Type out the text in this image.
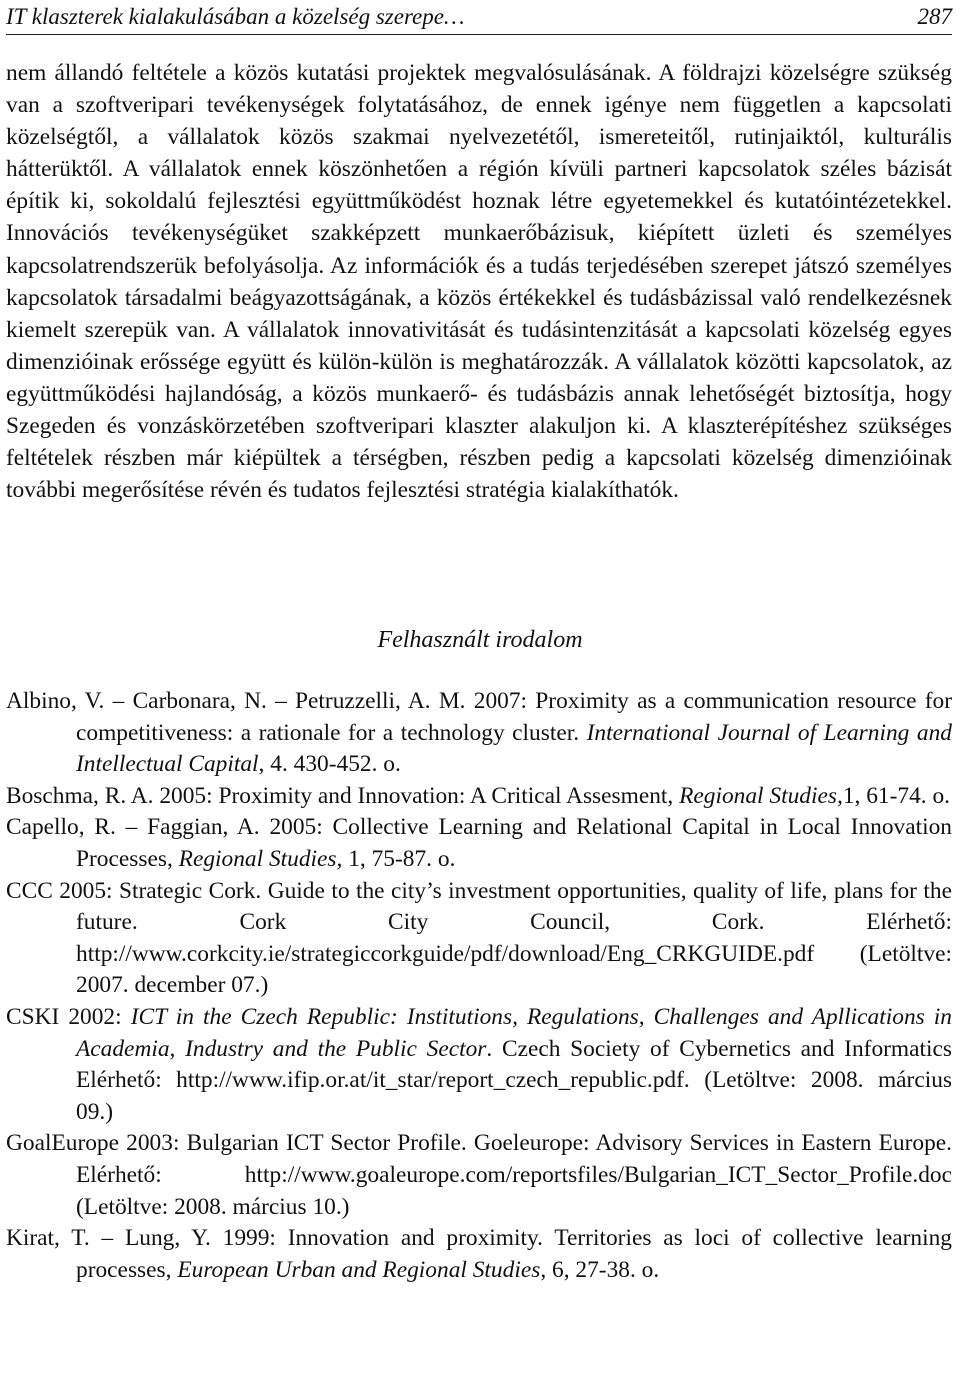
IT klaszterek kialakulásában a közelség szerepe…	287

nem állandó feltétele a közös kutatási projektek megvalósulásának. A földrajzi közelségre szükség van a szoftveripari tevékenységek folytatásához, de ennek igénye nem független a kapcsolati közelségtől, a vállalatok közös szakmai nyelvezetétől, ismereteitől, rutinjaiktól, kulturális hátterüktől. A vállalatok ennek köszönhetően a régión kívüli partneri kapcsolatok széles bázisát építik ki, sokoldalú fejlesztési együttműködést hoznak létre egyetemekkel és kutatóintézetekkel. Innovációs tevékenységüket szakképzett munkaerőbázisuk, kiépített üzleti és személyes kapcsolatrendszerük befolyásolja. Az információk és a tudás terjedésében szerepet játszó személyes kapcsolatok társadalmi beágyazottságának, a közös értékekkel és tudásbázissal való rendelkezésnek kiemelt szerepük van. A vállalatok innovativitását és tudásintenzitását a kapcsolati közelség egyes dimenzióinak erőssége együtt és külön-külön is meghatározzák. A vállalatok közötti kapcsolatok, az együttműködési hajlandóság, a közös munkaerő- és tudásbázis annak lehetőségét biztosítja, hogy Szegeden és vonzáskörzetében szoftveripari klaszter alakuljon ki. A klaszterépítéshez szükséges feltételek részben már kiépültek a térségben, részben pedig a kapcsolati közelség dimenzióinak további megerősítése révén és tudatos fejlesztési stratégia kialakíthatók.

Felhasznált irodalom
Albino, V. – Carbonara, N. – Petruzzelli, A. M. 2007: Proximity as a communication resource for competitiveness: a rationale for a technology cluster. International Journal of Learning and Intellectual Capital, 4. 430-452. o.
Boschma, R. A. 2005: Proximity and Innovation: A Critical Assesment, Regional Studies,1, 61-74. o.
Capello, R. – Faggian, A. 2005: Collective Learning and Relational Capital in Local Innovation Processes, Regional Studies, 1, 75-87. o.
CCC 2005: Strategic Cork. Guide to the city’s investment opportunities, quality of life, plans for the future. Cork City Council, Cork. Elérhető: http://www.corkcity.ie/strategiccorkguide/pdf/download/Eng_CRKGUIDE.pdf (Letöltve: 2007. december 07.)
CSKI 2002: ICT in the Czech Republic: Institutions, Regulations, Challenges and Apllications in Academia, Industry and the Public Sector. Czech Society of Cybernetics and Informatics Elérhető: http://www.ifip.or.at/it_star/report_czech_republic.pdf. (Letöltve: 2008. március 09.)
GoalEurope 2003: Bulgarian ICT Sector Profile. Goeleurope: Advisory Services in Eastern Europe. Elérhető: http://www.goaleurope.com/reportsfiles/Bulgarian_ICT_Sector_Profile.doc (Letöltve: 2008. március 10.)
Kirat, T. – Lung, Y. 1999: Innovation and proximity. Territories as loci of collective learning processes, European Urban and Regional Studies, 6, 27-38. o.
